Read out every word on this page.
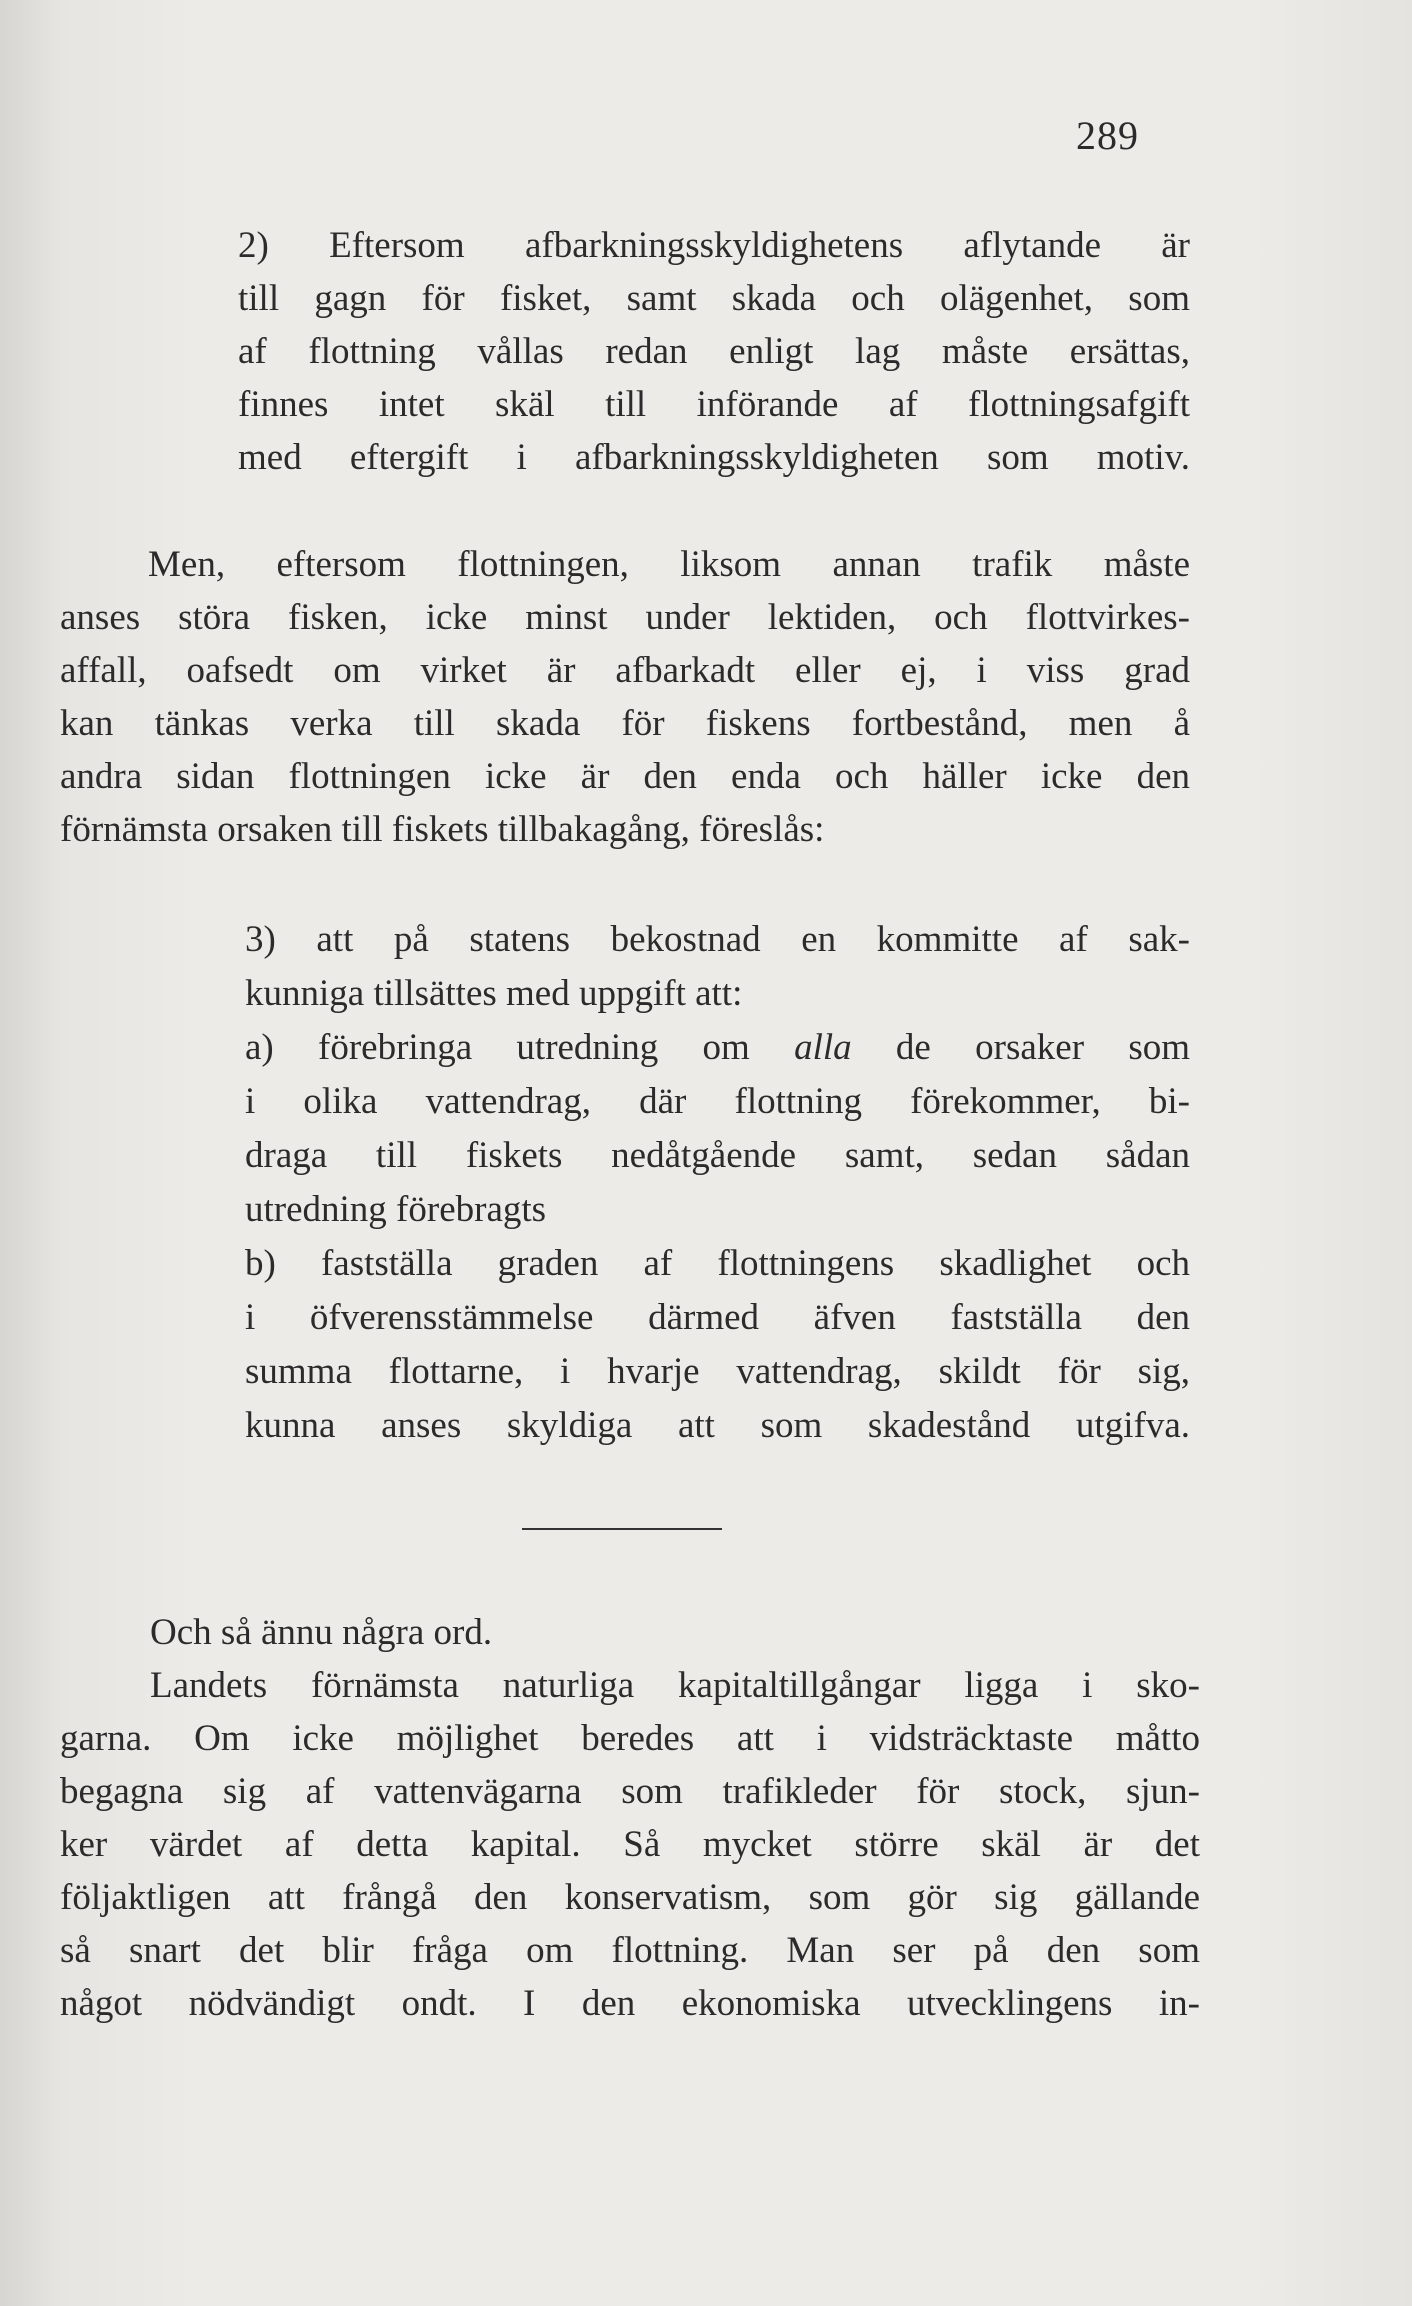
289
2) Eftersom afbarkningsskyldighetens aflytande är
till gagn för fisket, samt skada och olägenhet, som
af flottning vållas redan enligt lag måste ersättas,
finnes intet skäl till införande af flottningsafgift
med eftergift i afbarkningsskyldigheten som motiv.
Men, eftersom flottningen, liksom annan trafik måste
anses störa fisken, icke minst under lektiden, och flottvirkes-
affall, oafsedt om virket är afbarkadt eller ej, i viss grad
kan tänkas verka till skada för fiskens fortbestånd, men å
andra sidan flottningen icke är den enda och häller icke den
förnämsta orsaken till fiskets tillbakagång, föreslås:
3) att på statens bekostnad en kommitte af sak-
kunniga tillsättes med uppgift att:
a) förebringa utredning om alla de orsaker som
i olika vattendrag, där flottning förekommer, bi-
draga till fiskets nedåtgående samt, sedan sådan
utredning förebragts
b) fastställa graden af flottningens skadlighet och
i öfverensstämmelse därmed äfven fastställa den
summa flottarne, i hvarje vattendrag, skildt för sig,
kunna anses skyldiga att som skadestånd utgifva.
Och så ännu några ord.
Landets förnämsta naturliga kapitaltillgångar ligga i sko-
garna. Om icke möjlighet beredes att i vidsträcktaste måtto
begagna sig af vattenvägarna som trafikleder för stock, sjun-
ker värdet af detta kapital. Så mycket större skäl är det
följaktligen att frångå den konservatism, som gör sig gällande
så snart det blir fråga om flottning. Man ser på den som
något nödvändigt ondt. I den ekonomiska utvecklingens in-
